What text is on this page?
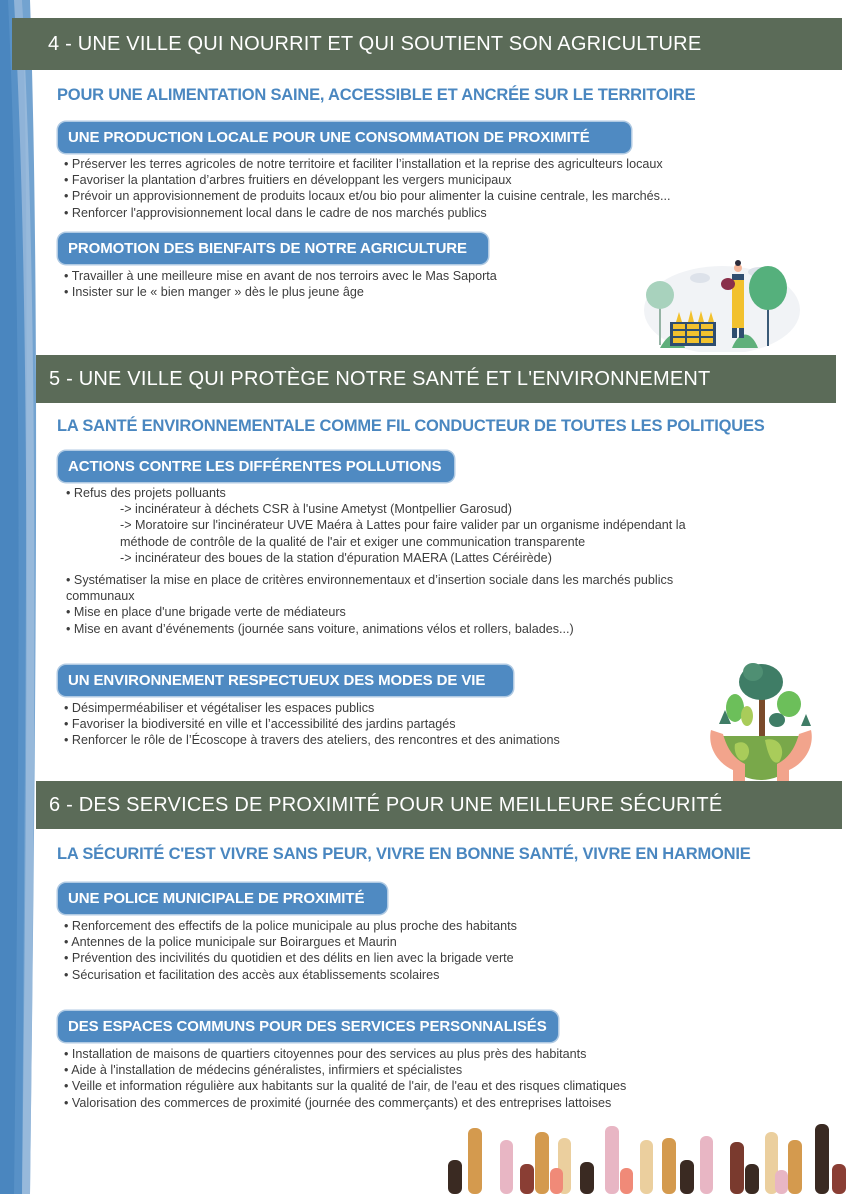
4 - UNE VILLE QUI NOURRIT ET QUI SOUTIENT SON AGRICULTURE
POUR UNE ALIMENTATION SAINE, ACCESSIBLE ET ANCRÉE SUR LE TERRITOIRE
UNE PRODUCTION LOCALE POUR UNE CONSOMMATION DE PROXIMITÉ
• Préserver les terres agricoles de notre territoire et faciliter l’installation et la reprise des agriculteurs locaux
• Favoriser la plantation d’arbres fruitiers en développant les vergers municipaux
• Prévoir un approvisionnement de produits locaux et/ou bio pour alimenter la cuisine centrale, les marchés...
• Renforcer l'approvisionnement local dans le cadre de nos marchés publics
PROMOTION DES BIENFAITS DE NOTRE AGRICULTURE
• Travailler à une meilleure mise en avant de nos terroirs avec le Mas Saporta
• Insister sur le « bien manger » dès le plus jeune âge
5 - UNE VILLE QUI PROTÈGE NOTRE SANTÉ ET L'ENVIRONNEMENT
LA SANTÉ ENVIRONNEMENTALE COMME FIL CONDUCTEUR DE TOUTES LES POLITIQUES
ACTIONS CONTRE LES DIFFÉRENTES POLLUTIONS
• Refus des projets polluants
-> incinérateur à déchets CSR à l'usine Ametyst (Montpellier Garosud)
-> Moratoire sur l'incinérateur UVE Maéra à Lattes pour faire valider par un organisme indépendant la
méthode de contrôle de la qualité de l'air et exiger une communication transparente
-> incinérateur des boues de la station d'épuration MAERA (Lattes Céréirède)
• Systématiser la mise en place de critères environnementaux et d’insertion sociale dans les marchés publics
communaux
• Mise en place d'une brigade verte de médiateurs
• Mise en avant d’événements (journée sans voiture, animations vélos et rollers, balades...)
UN ENVIRONNEMENT RESPECTUEUX DES MODES DE VIE
• Désimperméabiliser et végétaliser les espaces publics
• Favoriser la biodiversité en ville et l’accessibilité des jardins partagés
• Renforcer le rôle de l’Écoscope à travers des ateliers, des rencontres et des animations
6 - DES SERVICES DE PROXIMITÉ POUR UNE MEILLEURE SÉCURITÉ
LA SÉCURITÉ C'EST VIVRE SANS PEUR, VIVRE EN BONNE SANTÉ, VIVRE EN HARMONIE
UNE POLICE MUNICIPALE DE PROXIMITÉ
• Renforcement des effectifs de la police municipale au plus proche des habitants
• Antennes de la police municipale sur Boirargues et Maurin
• Prévention des incivilités du quotidien et des délits en lien avec la brigade verte
• Sécurisation et facilitation des accès aux établissements scolaires
DES ESPACES COMMUNS POUR DES SERVICES PERSONNALISÉS
• Installation de maisons de quartiers citoyennes pour des services au plus près des habitants
• Aide à l'installation de médecins généralistes, infirmiers et spécialistes
• Veille et information régulière aux habitants sur la qualité de l'air, de l'eau et des risques climatiques
• Valorisation des commerces de proximité (journée des commerçants) et des entreprises lattoises
